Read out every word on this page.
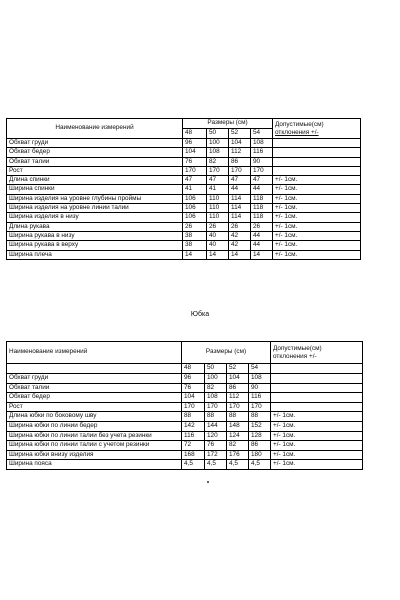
Наименование измерений	Размеры (см)				Допустимые(см)
отклонения +/-

	48	50	52	54	
Обхват груди	96	100	104	108	
Обхват бедер	104	108	112	116	
Обхват талии	76	82	86	90	
Рост	170	170	170	170	
Длина спинки	47	47	47	47	+/- 1см.
Ширина спинки	41	41	44	44	+/- 1см.
Ширина изделия на уровне глубины проймы	106	110	114	118	+/- 1см.
Ширина изделия на уровне линии талии	106	110	114	118	+/- 1см.
Ширина изделия в низу	106	110	114	118	+/- 1см.
Длина рукава	26	26	26	26	+/- 1см.
Ширина рукава в низу	38	40	42	44	+/- 1см.
Ширина рукава в верху	38	40	42	44	+/- 1см.
Ширина плеча	14	14	14	14	+/- 1см.
Юбка
Наименование измерений	Размеры (см)				Допустимые(см)
отклонения +/-

	48	50	52	54	
Обхват груди	96	100	104	108	
Обхват талии	76	82	86	90	
Обхват бедер	104	108	112	116	
Рост	170	170	170	170	
Длина юбки по боковому шву	88	88	88	88	+/- 1см.
Ширина юбки по линии бедер	142	144	148	152	+/- 1см.
Ширина юбки по линии талии без учета резинки	116	120	124	128	+/- 1см.
Ширина юбки по линии талии с учетом резинки	72	76	82	86	+/- 1см.
Ширина юбки внизу изделия	168	172	176	180	+/- 1см.
Ширина пояса	4,5	4,5	4,5	4,5	+/- 1см.
